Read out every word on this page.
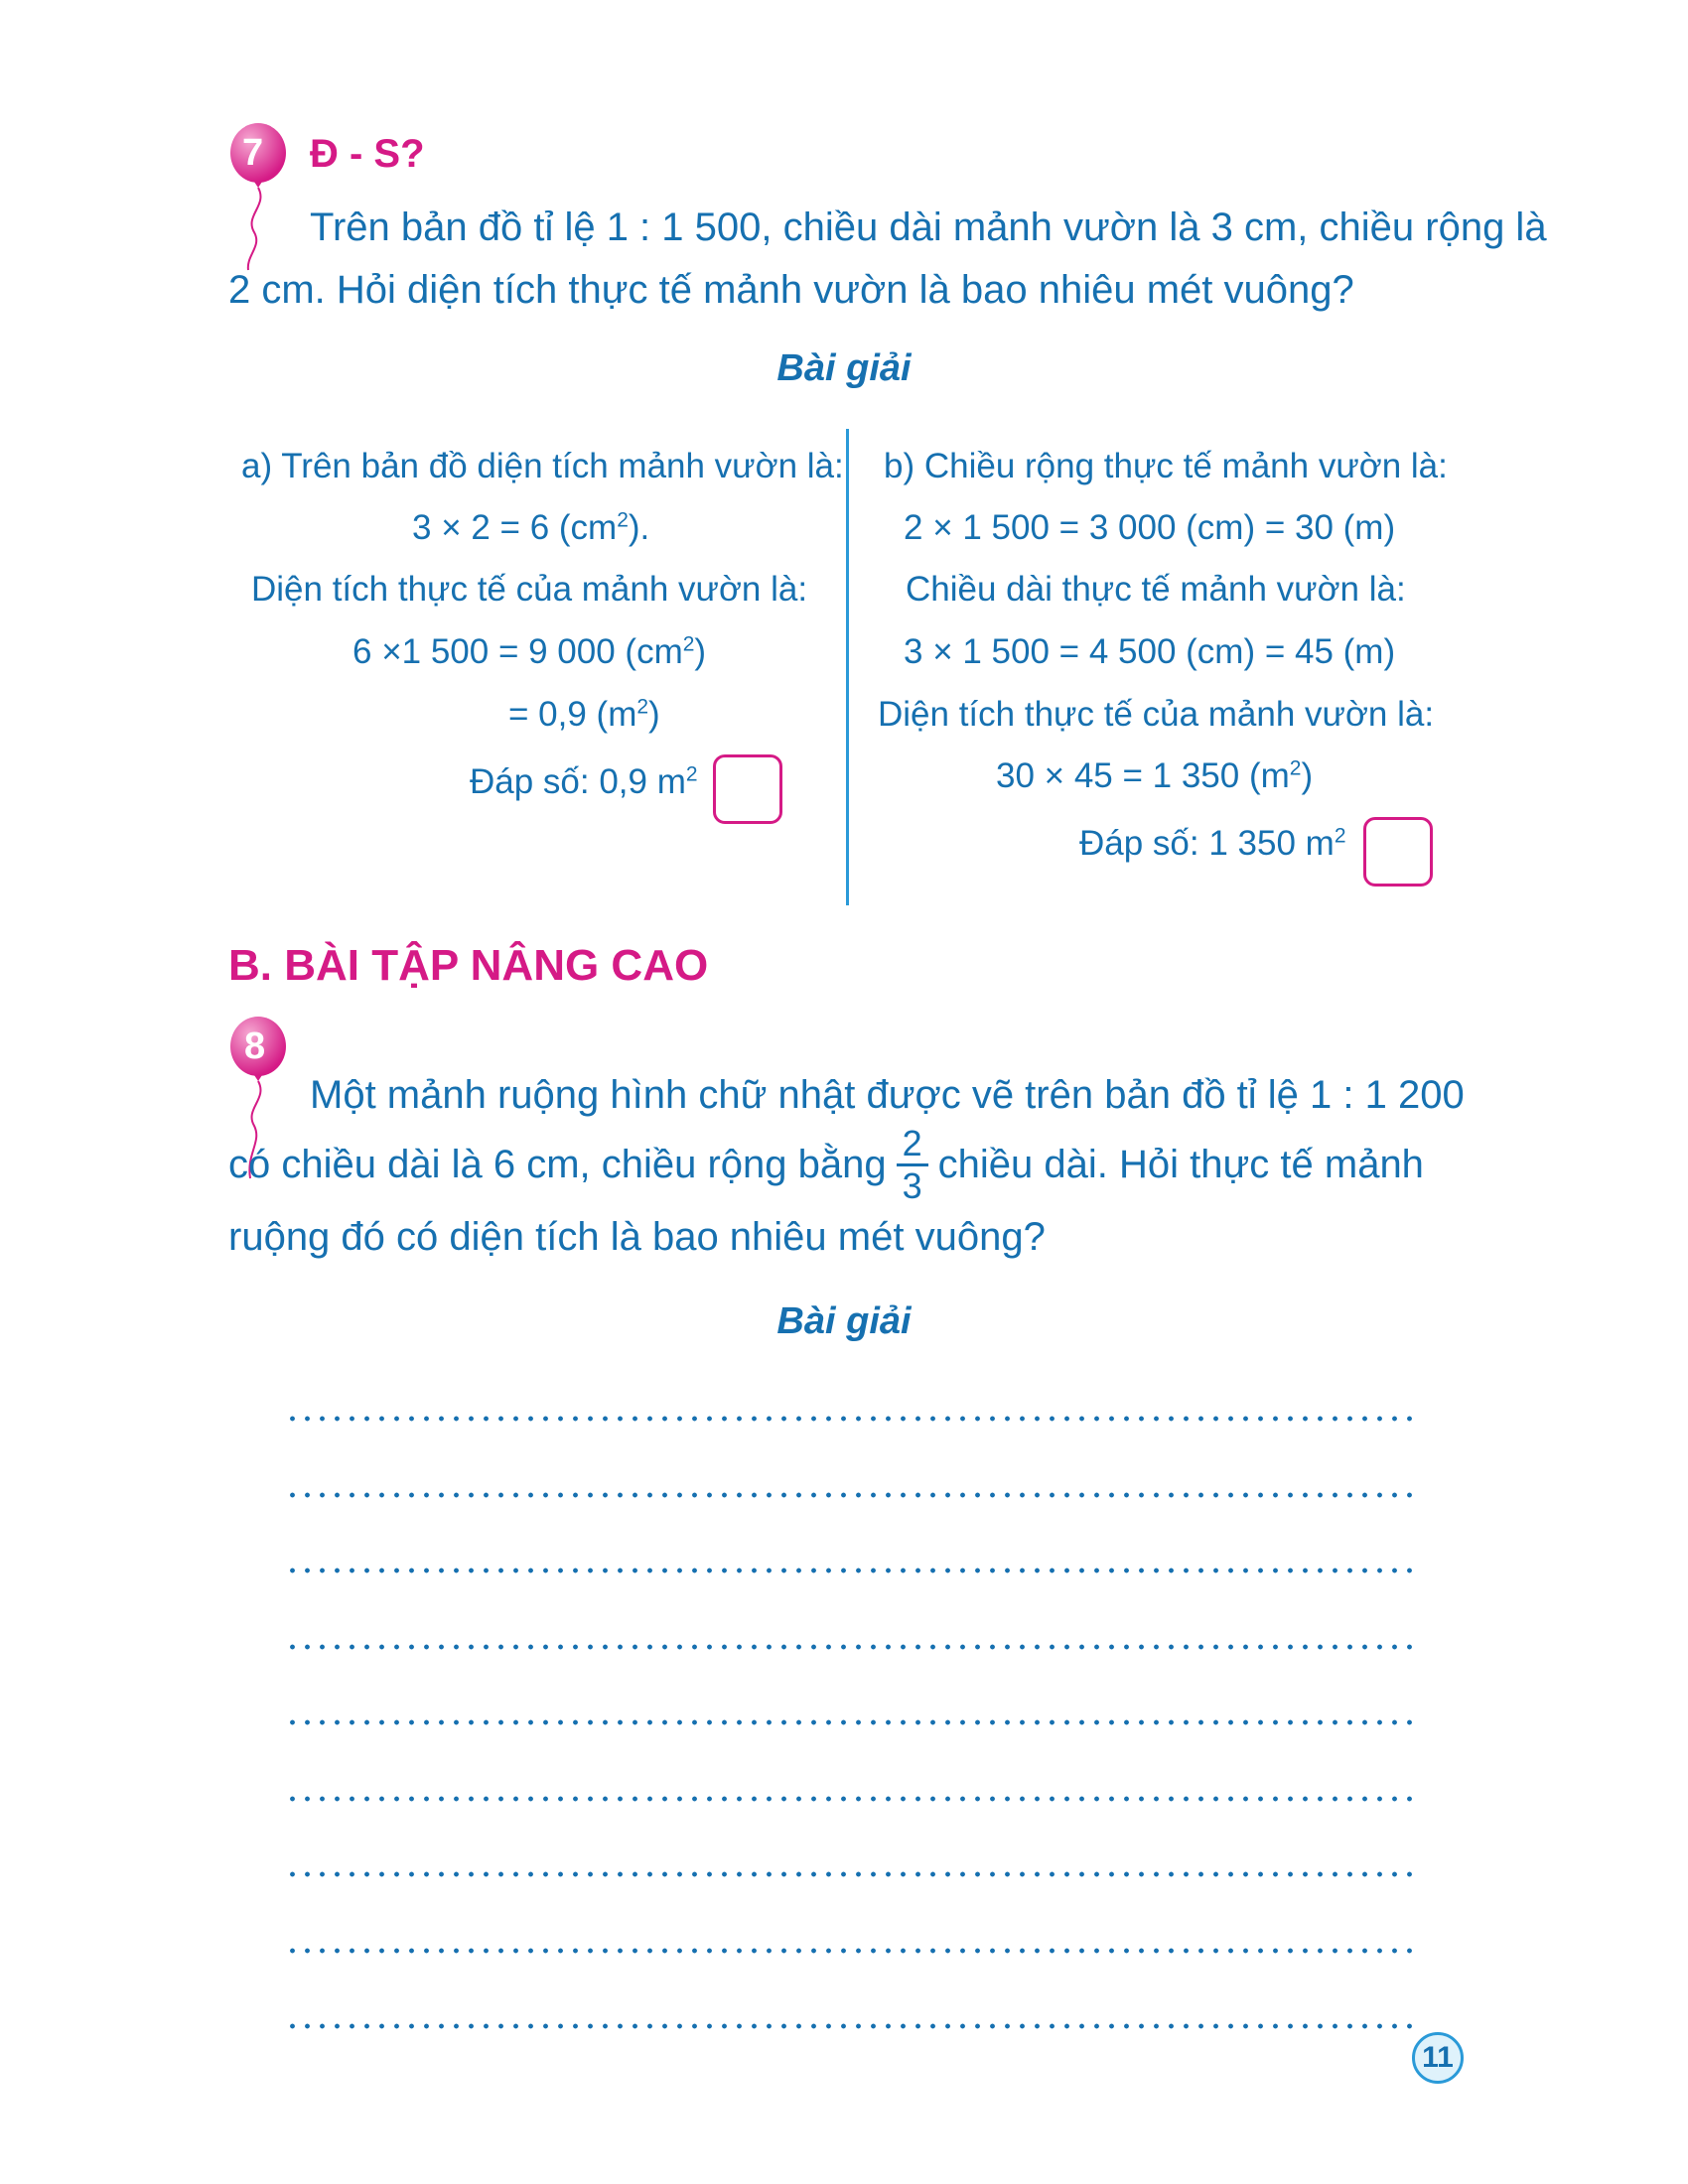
7 Đ - S?
Trên bản đồ tỉ lệ 1 : 1 500, chiều dài mảnh vườn là 3 cm, chiều rộng là
2 cm. Hỏi diện tích thực tế mảnh vườn là bao nhiêu mét vuông?
Bài giải
a) Trên bản đồ diện tích mảnh vườn là:
3 × 2 = 6 $(cm^2)$.
Diện tích thực tế của mảnh vườn là:
6 ×1 500 = 9 000 $(cm^2)$
= 0,9 $(m^2)$
Đáp số: 0,9 $m^2$
b) Chiều rộng thực tế mảnh vườn là:
2 × 1 500 = 3 000 (cm) = 30 (m)
Chiều dài thực tế mảnh vườn là:
3 × 1 500 = 4 500 (cm) = 45 (m)
Diện tích thực tế của mảnh vườn là:
30 × 45 = 1 350 $(m^2)$
Đáp số: 1 350 $m^2$
B. BÀI TẬP NÂNG CAO
8
Một mảnh ruộng hình chữ nhật được vẽ trên bản đồ tỉ lệ 1 : 1 200
có chiều dài là 6 cm, chiều rộng bằng $\frac{2}{3}$ chiều dài. Hỏi thực tế mảnh
ruộng đó có diện tích là bao nhiêu mét vuông?
Bài giải
11
